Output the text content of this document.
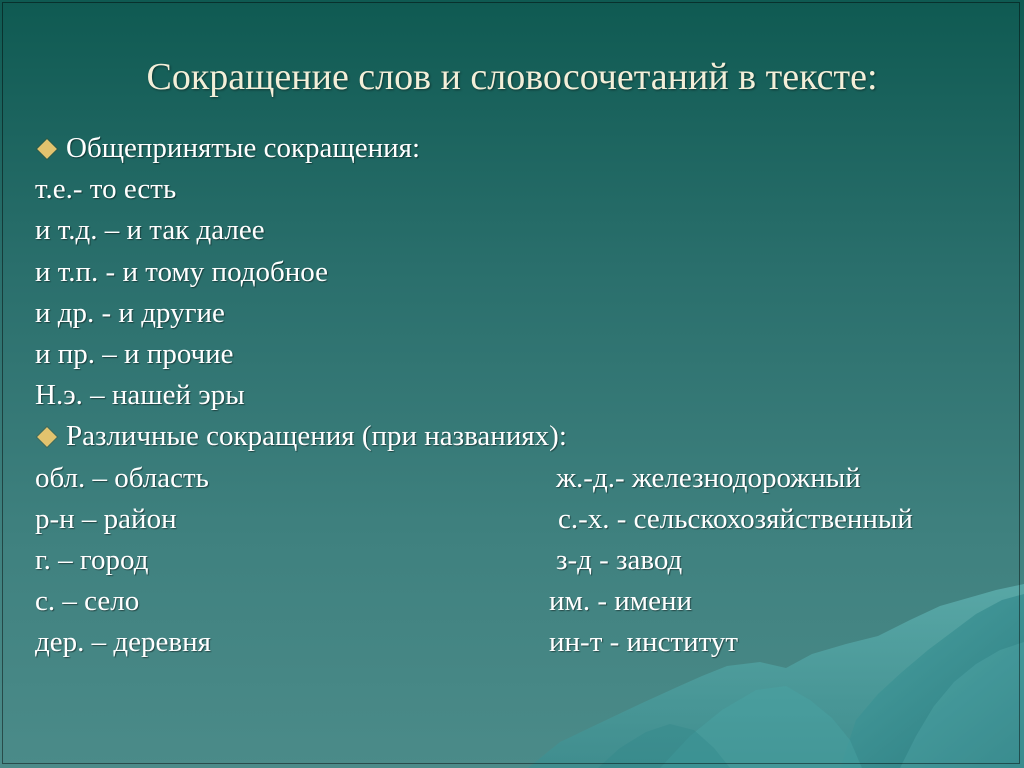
Сокращение слов и словосочетаний в тексте:
Общепринятые сокращения:
т.е.- то есть
и т.д. – и так далее
и т.п. - и тому подобное
и др. - и другие
и пр. – и прочие
Н.э. – нашей эры
Различные сокращения (при названиях):
обл. – область	ж.-д.- железнодорожный
р-н – район	с.-х. - сельскохозяйственный
г. – город	з-д - завод
с. – село	им. - имени
дер. – деревня	ин-т - институт
